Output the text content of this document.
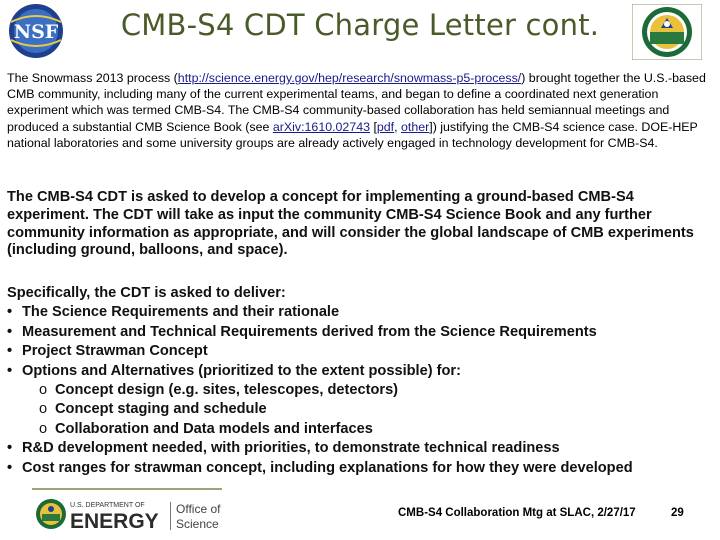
NSF	CMB-S4 CDT Charge Letter cont.
The Snowmass 2013 process (http://science.energy.gov/hep/research/snowmass-p5-process/) brought together the U.S.-based CMB community, including many of the current experimental teams, and began to define a coordinated next generation experiment which was termed CMB-S4. The CMB-S4 community-based collaboration has held semiannual meetings and produced a substantial CMB Science Book (see arXiv:1610.02743 [pdf, other]) justifying the CMB-S4 science case. DOE-HEP national laboratories and some university groups are already actively engaged in technology development for CMB-S4.
The CMB-S4 CDT is asked to develop a concept for implementing a ground-based CMB-S4 experiment. The CDT will take as input the community CMB-S4 Science Book and any further community information as appropriate, and will consider the global landscape of CMB experiments (including ground, balloons, and space).
Specifically, the CDT is asked to deliver:
• The Science Requirements and their rationale
• Measurement and Technical Requirements derived from the Science Requirements
• Project Strawman Concept
• Options and Alternatives (prioritized to the extent possible) for:
o Concept design (e.g. sites, telescopes, detectors)
o Concept staging and schedule
o Collaboration and Data models and interfaces
• R&D development needed, with priorities, to demonstrate technical readiness
• Cost ranges for strawman concept, including explanations for how they were developed
U.S. DEPARTMENT OF
ENERGY
Office of
Science
CMB-S4 Collaboration Mtg at SLAC, 2/27/17	29
